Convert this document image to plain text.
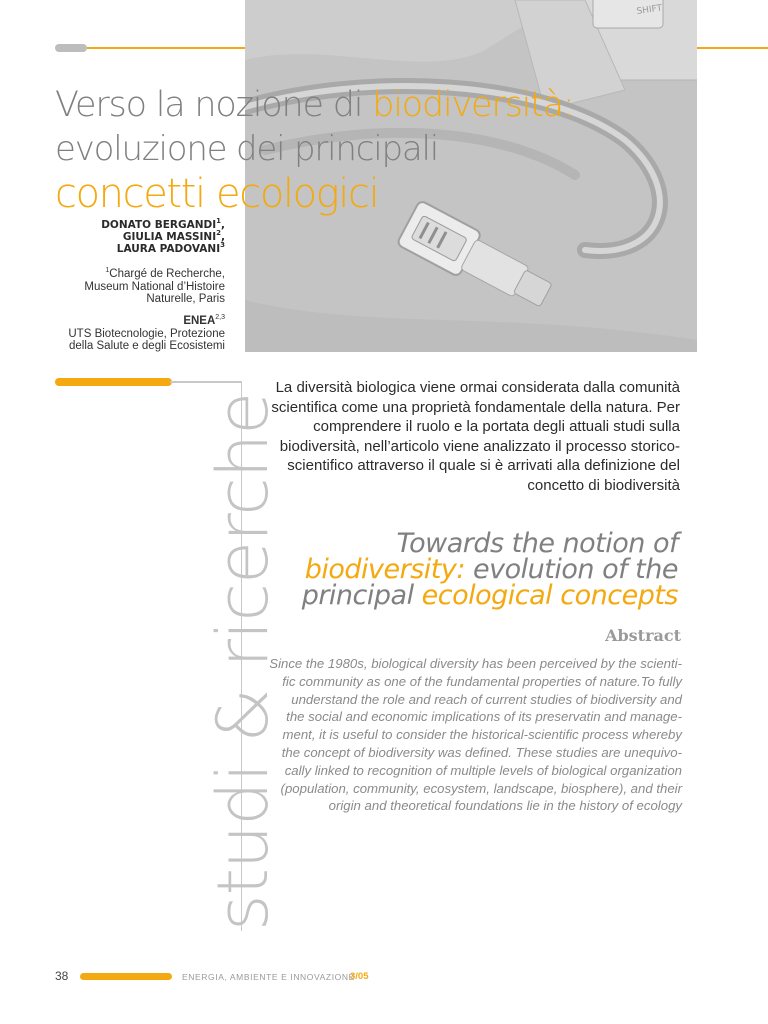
SHIFT
Verso la nozione di biodiversità:
evoluzione dei principali
concetti ecologici
DONATO BERGANDI$^1$,
GIULIA MASSINI$^2$,
LAURA PADOVANI$^3$
$^1$Chargé de Recherche,
Museum National d’Histoire
Naturelle, Paris
ENEA$^{2,3}$
UTS Biotecnologie, Protezione
della Salute e degli Ecosistemi
studi & ricerche
La diversità biologica viene ormai considerata dalla comunità
scientifica come una proprietà fondamentale della natura. Per
comprendere il ruolo e la portata degli attuali studi sulla
biodiversità, nell’articolo viene analizzato il processo storico-
scientifico attraverso il quale si è arrivati alla definizione del
concetto di biodiversità
Towards the notion of
biodiversity: evolution of the
principal ecological concepts
Abstract
Since the 1980s, biological diversity has been perceived by the scienti-
fic community as one of the fundamental properties of nature.To fully
understand the role and reach of current studies of biodiversity and
the social and economic implications of its preservatin and manage-
ment, it is useful to consider the historical-scientific process whereby
the concept of biodiversity was defined. These studies are unequivo-
cally linked to recognition of multiple levels of biological organization
(population, community, ecosystem, landscape, biosphere), and their
origin and theoretical foundations lie in the history of ecology
38	ENERGIA, AMBIENTE E INNOVAZIONE
3/05
